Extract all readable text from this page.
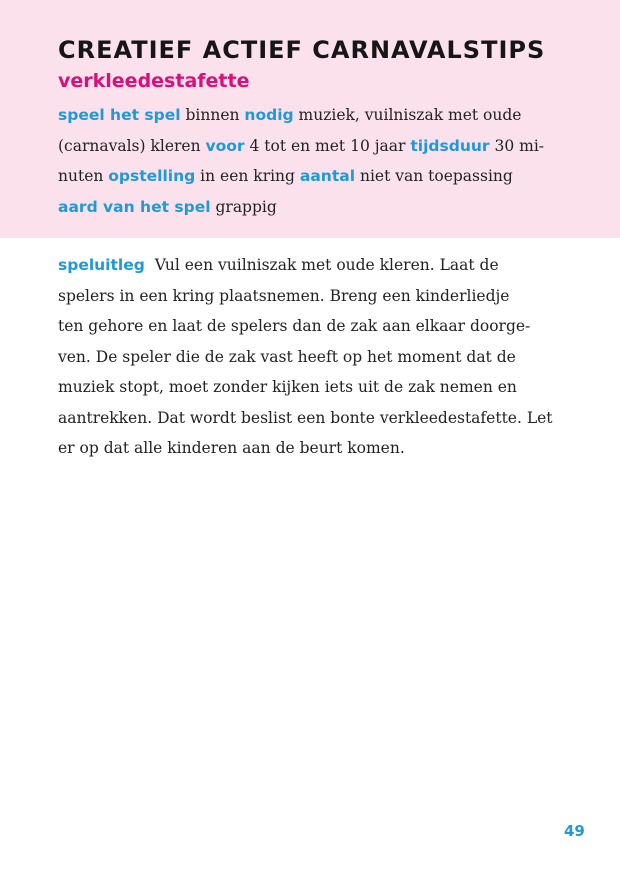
CREATIEF ACTIEF CARNAVALSTIPS
verkleedestafette
speel het spel binnen nodig muziek, vuilniszak met oude
(carnavals) kleren voor 4 tot en met 10 jaar tijdsduur 30 mi-
nuten opstelling in een kring aantal niet van toepassing
aard van het spel grappig
speluitleg Vul een vuilniszak met oude kleren. Laat de
spelers in een kring plaatsnemen. Breng een kinderliedje
ten gehore en laat de spelers dan de zak aan elkaar doorge-
ven. De speler die de zak vast heeft op het moment dat de
muziek stopt, moet zonder kijken iets uit de zak nemen en
aantrekken. Dat wordt beslist een bonte verkleedestafette. Let
er op dat alle kinderen aan de beurt komen.
49
